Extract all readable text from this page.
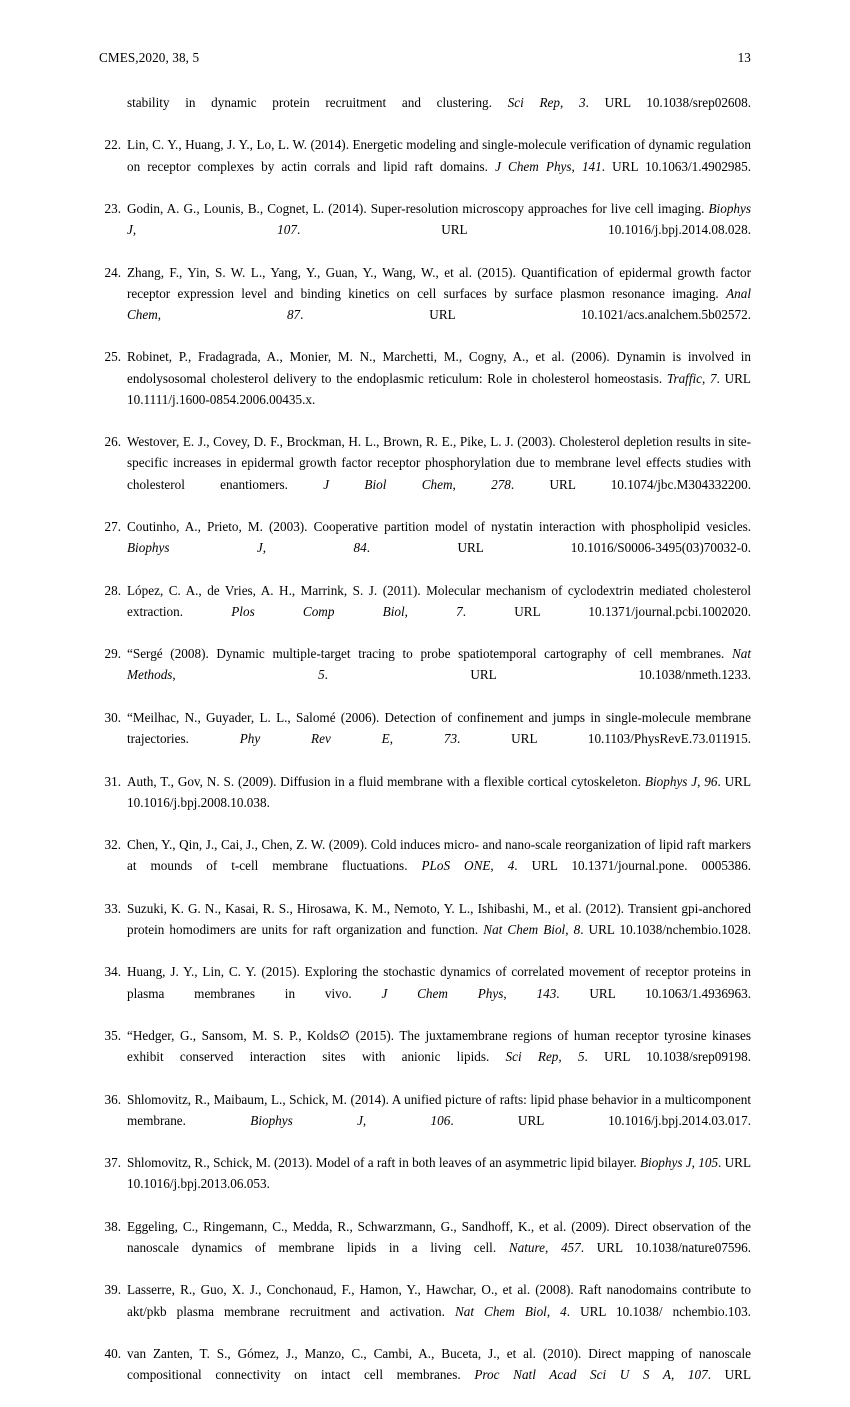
CMES,2020, 38, 5	13

stability in dynamic protein recruitment and clustering. Sci Rep, 3. URL 10.1038/srep02608.

22. Lin, C. Y., Huang, J. Y., Lo, L. W. (2014). Energetic modeling and single-molecule verification of dynamic regulation on receptor complexes by actin corrals and lipid raft domains. J Chem Phys, 141. URL 10.1063/1.4902985.

23. Godin, A. G., Lounis, B., Cognet, L. (2014). Super-resolution microscopy approaches for live cell imaging. Biophys J, 107. URL 10.1016/j.bpj.2014.08.028.

24. Zhang, F., Yin, S. W. L., Yang, Y., Guan, Y., Wang, W., et al. (2015). Quantification of epidermal growth factor receptor expression level and binding kinetics on cell surfaces by surface plasmon resonance imaging. Anal Chem, 87. URL 10.1021/acs.analchem.5b02572.

25. Robinet, P., Fradagrada, A., Monier, M. N., Marchetti, M., Cogny, A., et al. (2006). Dynamin is involved in endolysosomal cholesterol delivery to the endoplasmic reticulum: Role in cholesterol homeostasis. Traffic, 7. URL 10.1111/j.1600-0854.2006.00435.x.

26. Westover, E. J., Covey, D. F., Brockman, H. L., Brown, R. E., Pike, L. J. (2003). Cholesterol depletion results in site-specific increases in epidermal growth factor receptor phosphorylation due to membrane level effects studies with cholesterol enantiomers. J Biol Chem, 278. URL 10.1074/jbc.M304332200.

27. Coutinho, A., Prieto, M. (2003). Cooperative partition model of nystatin interaction with phospholipid vesicles. Biophys J, 84. URL 10.1016/S0006-3495(03)70032-0.

28. López, C. A., de Vries, A. H., Marrink, S. J. (2011). Molecular mechanism of cyclodextrin mediated cholesterol extraction. Plos Comp Biol, 7. URL 10.1371/journal.pcbi.1002020.

29. “Sergé (2008). Dynamic multiple-target tracing to probe spatiotemporal cartography of cell membranes. Nat Methods, 5. URL 10.1038/nmeth.1233.

30. “Meilhac, N., Guyader, L. L., Salomé (2006). Detection of confinement and jumps in single-molecule membrane trajectories. Phy Rev E, 73. URL 10.1103/PhysRevE.73.011915.

31. Auth, T., Gov, N. S. (2009). Diffusion in a fluid membrane with a flexible cortical cytoskeleton. Biophys J, 96. URL 10.1016/j.bpj.2008.10.038.

32. Chen, Y., Qin, J., Cai, J., Chen, Z. W. (2009). Cold induces micro- and nano-scale reorganization of lipid raft markers at mounds of t-cell membrane fluctuations. PLoS ONE, 4. URL 10.1371/journal.pone. 0005386.

33. Suzuki, K. G. N., Kasai, R. S., Hirosawa, K. M., Nemoto, Y. L., Ishibashi, M., et al. (2012). Transient gpi-anchored protein homodimers are units for raft organization and function. Nat Chem Biol, 8. URL 10.1038/nchembio.1028.

34. Huang, J. Y., Lin, C. Y. (2015). Exploring the stochastic dynamics of correlated movement of receptor proteins in plasma membranes in vivo. J Chem Phys, 143. URL 10.1063/1.4936963.

35. “Hedger, G., Sansom, M. S. P., Kolds∅ (2015). The juxtamembrane regions of human receptor tyrosine kinases exhibit conserved interaction sites with anionic lipids. Sci Rep, 5. URL 10.1038/srep09198.

36. Shlomovitz, R., Maibaum, L., Schick, M. (2014). A unified picture of rafts: lipid phase behavior in a multicomponent membrane. Biophys J, 106. URL 10.1016/j.bpj.2014.03.017.

37. Shlomovitz, R., Schick, M. (2013). Model of a raft in both leaves of an asymmetric lipid bilayer. Biophys J, 105. URL 10.1016/j.bpj.2013.06.053.

38. Eggeling, C., Ringemann, C., Medda, R., Schwarzmann, G., Sandhoff, K., et al. (2009). Direct observation of the nanoscale dynamics of membrane lipids in a living cell. Nature, 457. URL 10.1038/nature07596.

39. Lasserre, R., Guo, X. J., Conchonaud, F., Hamon, Y., Hawchar, O., et al. (2008). Raft nanodomains contribute to akt/pkb plasma membrane recruitment and activation. Nat Chem Biol, 4. URL 10.1038/ nchembio.103.

40. van Zanten, T. S., Gómez, J., Manzo, C., Cambi, A., Buceta, J., et al. (2010). Direct mapping of nanoscale compositional connectivity on intact cell membranes. Proc Natl Acad Sci U S A, 107. URL
